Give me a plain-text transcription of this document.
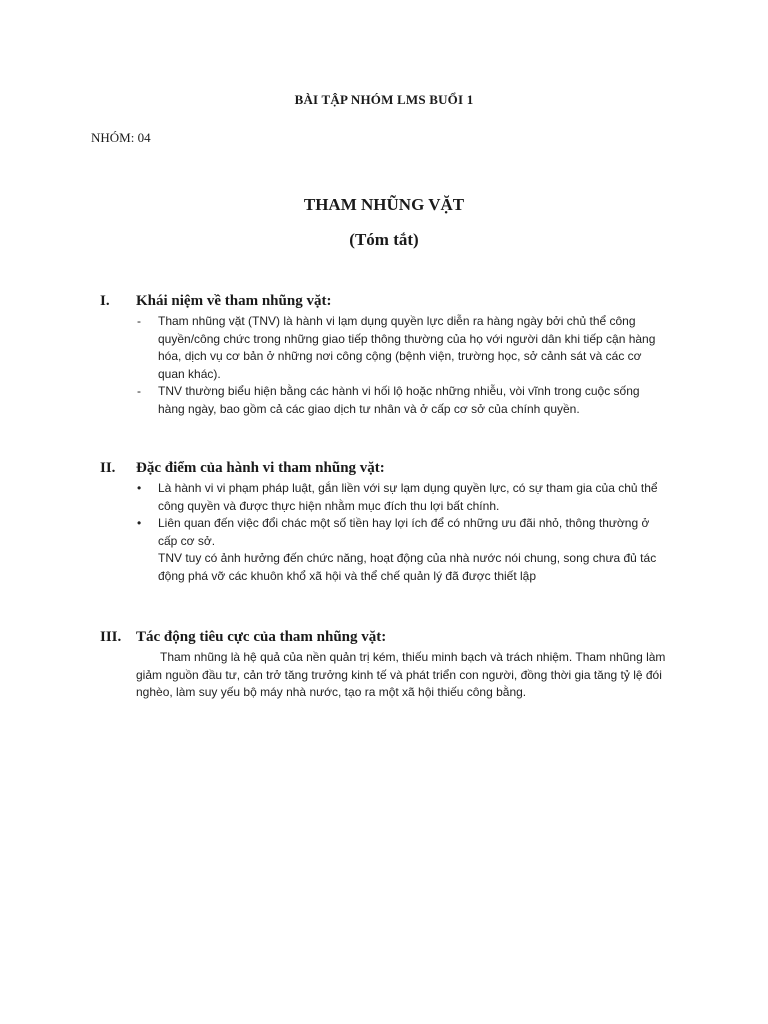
BÀI TẬP NHÓM LMS BUỔI 1
NHÓM: 04
THAM NHŨNG VẶT
(Tóm tắt)
I. Khái niệm về tham nhũng vặt:
- Tham nhũng vặt (TNV) là hành vi lạm dụng quyền lực diễn ra hàng ngày bởi chủ thể công quyền/công chức trong những giao tiếp thông thường của họ với người dân khi tiếp cận hàng hóa, dịch vụ cơ bản ở những nơi công cộng (bệnh viện, trường học, sở cảnh sát và các cơ quan khác).
- TNV thường biểu hiện bằng các hành vi hối lộ hoặc những nhiễu, vòi vĩnh trong cuộc sống hàng ngày, bao gồm cả các giao dịch tư nhân và ở cấp cơ sở của chính quyền.
II. Đặc điểm của hành vi tham nhũng vặt:
• Là hành vi vi phạm pháp luật, gắn liền với sự lạm dụng quyền lực, có sự tham gia của chủ thể công quyền và được thực hiện nhằm mục đích thu lợi bất chính.
• Liên quan đến việc đổi chác một số tiền hay lợi ích để có những ưu đãi nhỏ, thông thường ở cấp cơ sở.
TNV tuy có ảnh hưởng đến chức năng, hoạt động của nhà nước nói chung, song chưa đủ tác động phá vỡ các khuôn khổ xã hội và thể chế quản lý đã được thiết lập
III. Tác động tiêu cực của tham nhũng vặt:
Tham nhũng là hệ quả của nền quản trị kém, thiếu minh bạch và trách nhiệm. Tham nhũng làm giảm nguồn đầu tư, cản trở tăng trưởng kinh tế và phát triển con người, đồng thời gia tăng tỷ lệ đói nghèo, làm suy yếu bộ máy nhà nước, tạo ra một xã hội thiếu công bằng.
